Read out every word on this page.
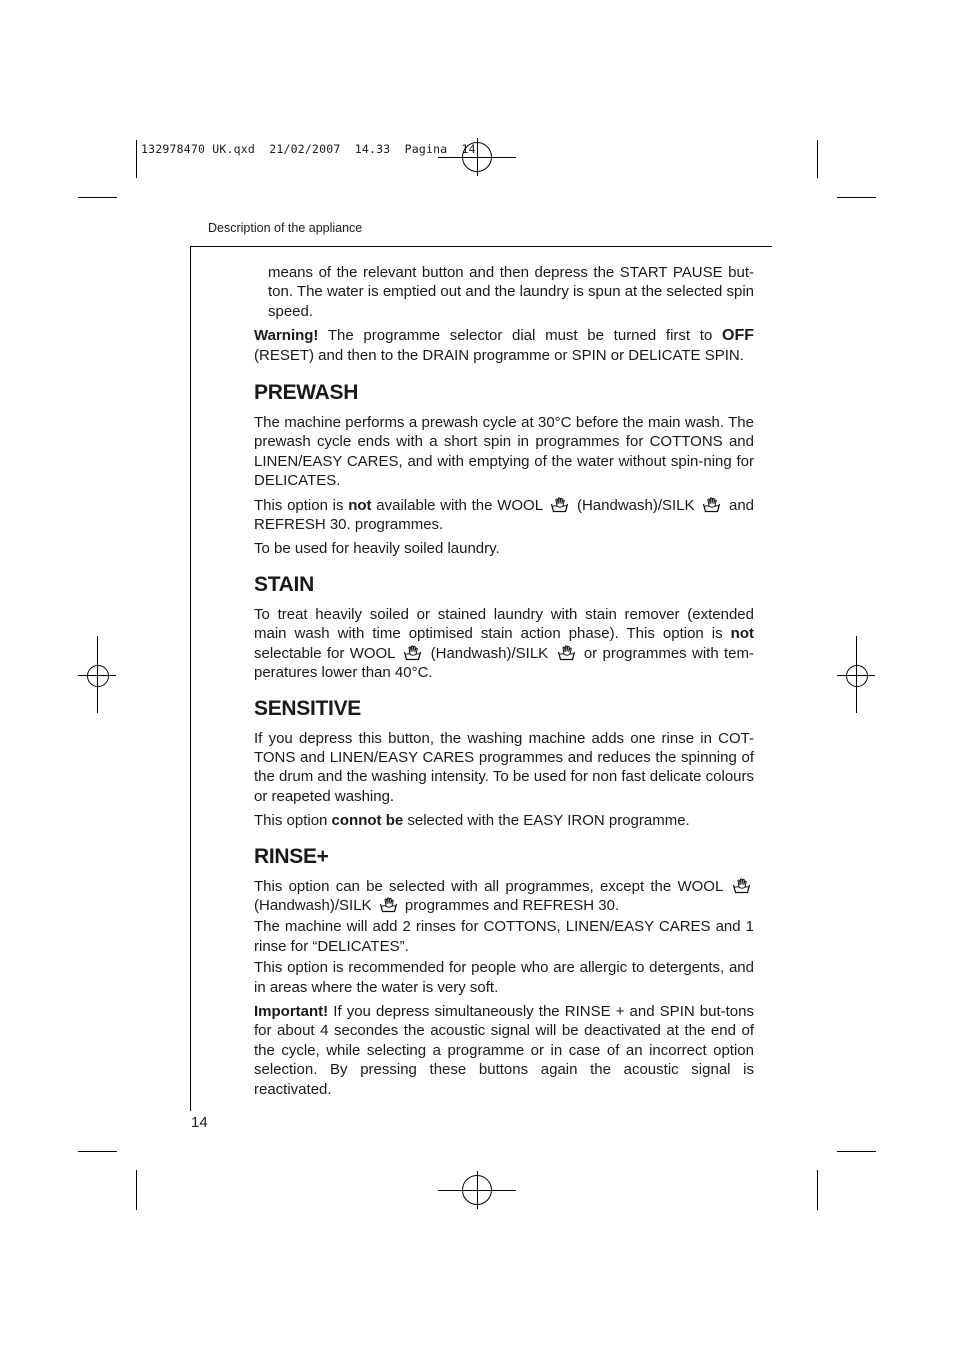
132978470 UK.qxd  21/02/2007  14.33  Pagina  14
Description of the appliance
14

means of the relevant button and then depress the START PAUSE but-ton. The water is emptied out and the laundry is spun at the selected spin speed.

Warning! The programme selector dial must be turned first to OFF (RESET) and then to the DRAIN programme or SPIN or DELICATE SPIN.

PREWASH

The machine performs a prewash cycle at 30°C before the main wash. The prewash cycle ends with a short spin in programmes for COTTONS and LINEN/EASY CARES, and with emptying of the water without spin-ning for DELICATES.

This option is not available with the WOOL  (Handwash)/SILK  and REFRESH 30. programmes.

To be used for heavily soiled laundry.

STAIN

To treat heavily soiled or stained laundry with stain remover (extended main wash with time optimised stain action phase). This option is not selectable for WOOL  (Handwash)/SILK  or programmes with tem-peratures lower than 40°C.

SENSITIVE

If you depress this button, the washing machine adds one rinse in COT-TONS and LINEN/EASY CARES programmes and reduces the spinning of the drum and the washing intensity. To be used for non fast delicate colours or reapeted washing.

This option connot be selected with the EASY IRON programme.

RINSE+

This option can be selected with all programmes, except the WOOL  (Handwash)/SILK  programmes and REFRESH 30.

The machine will add 2 rinses for COTTONS, LINEN/EASY CARES and 1 rinse for “DELICATES”.

This option is recommended for people who are allergic to detergents, and in areas where the water is very soft.

Important! If you depress simultaneously the RINSE + and SPIN but-tons for about 4 secondes the acoustic signal will be deactivated at the end of the cycle, while selecting a programme or in case of an incorrect option selection. By pressing these buttons again the acoustic signal is reactivated.
